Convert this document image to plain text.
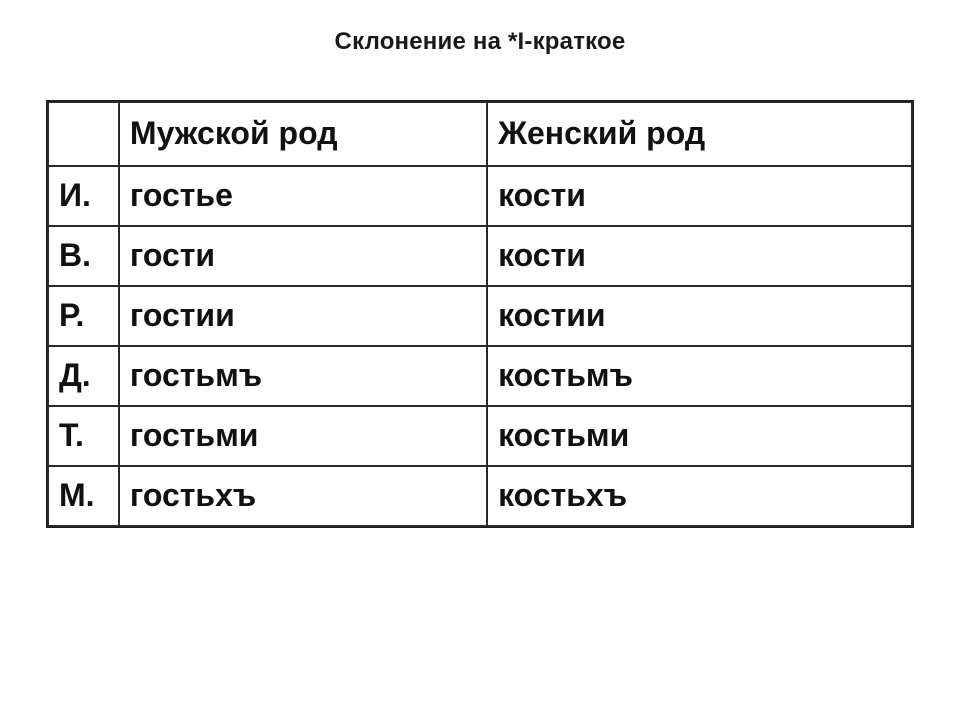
Склонение на *I-краткое
	Мужской род	Женский род
И.	гостье	кости
В.	гости	кости
Р.	гостии	костии
Д.	гостьмъ	костьмъ
Т.	гостьми	костьми
М.	гостьхъ	костьхъ
